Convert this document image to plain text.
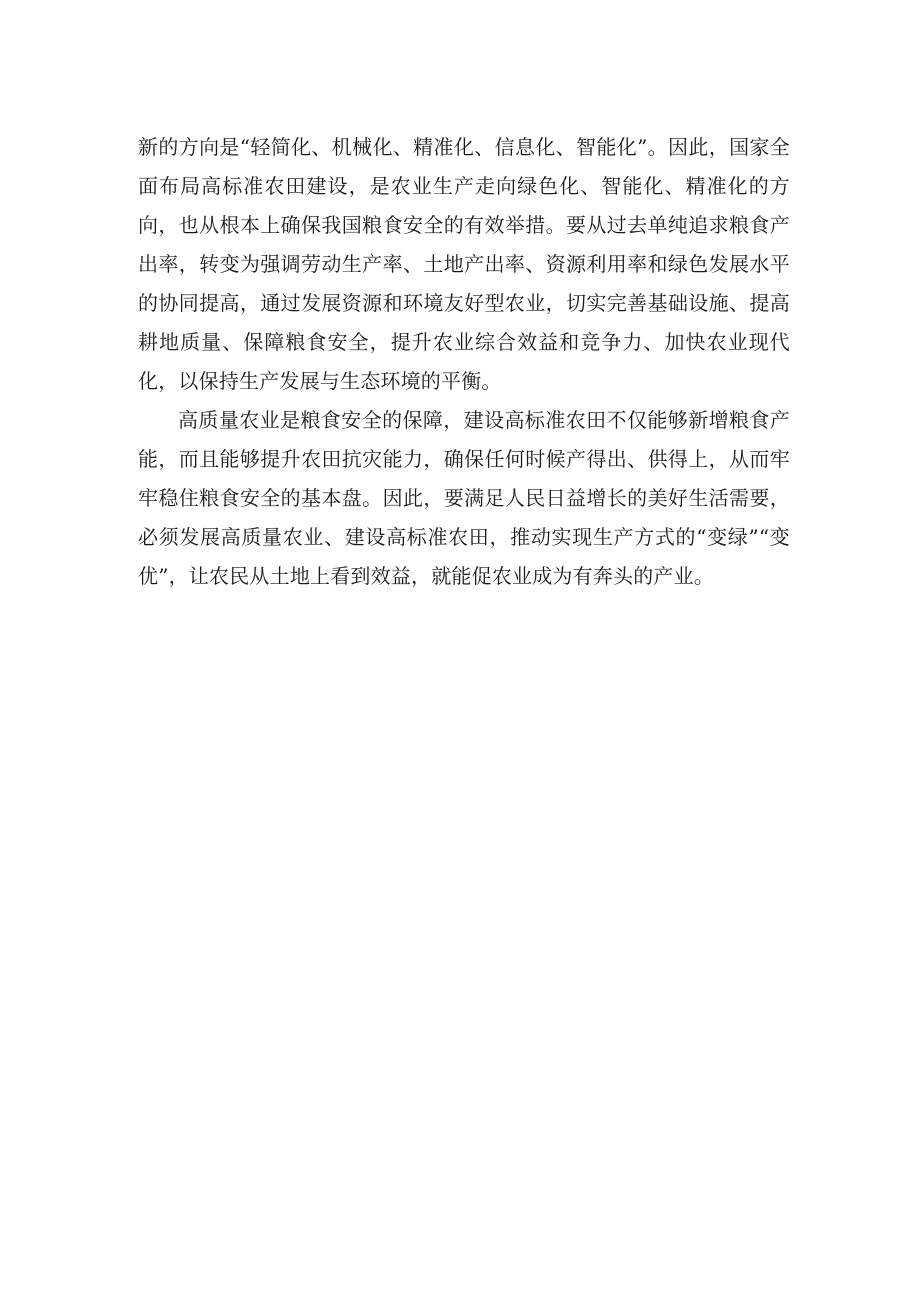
新的方向是“轻简化、机械化、精准化、信息化、智能化”。因此，国家全面布局高标准农田建设，是农业生产走向绿色化、智能化、精准化的方向，也从根本上确保我国粮食安全的有效举措。要从过去单纯追求粮食产出率，转变为强调劳动生产率、土地产出率、资源利用率和绿色发展水平的协同提高，通过发展资源和环境友好型农业，切实完善基础设施、提高耕地质量、保障粮食安全，提升农业综合效益和竞争力、加快农业现代化，以保持生产发展与生态环境的平衡。

高质量农业是粮食安全的保障，建设高标准农田不仅能够新增粮食产能，而且能够提升农田抗灾能力，确保任何时候产得出、供得上，从而牢牢稳住粮食安全的基本盘。因此，要满足人民日益增长的美好生活需要，必须发展高质量农业、建设高标准农田，推动实现生产方式的“变绿”“变优”，让农民从土地上看到效益，就能促农业成为有奔头的产业。
